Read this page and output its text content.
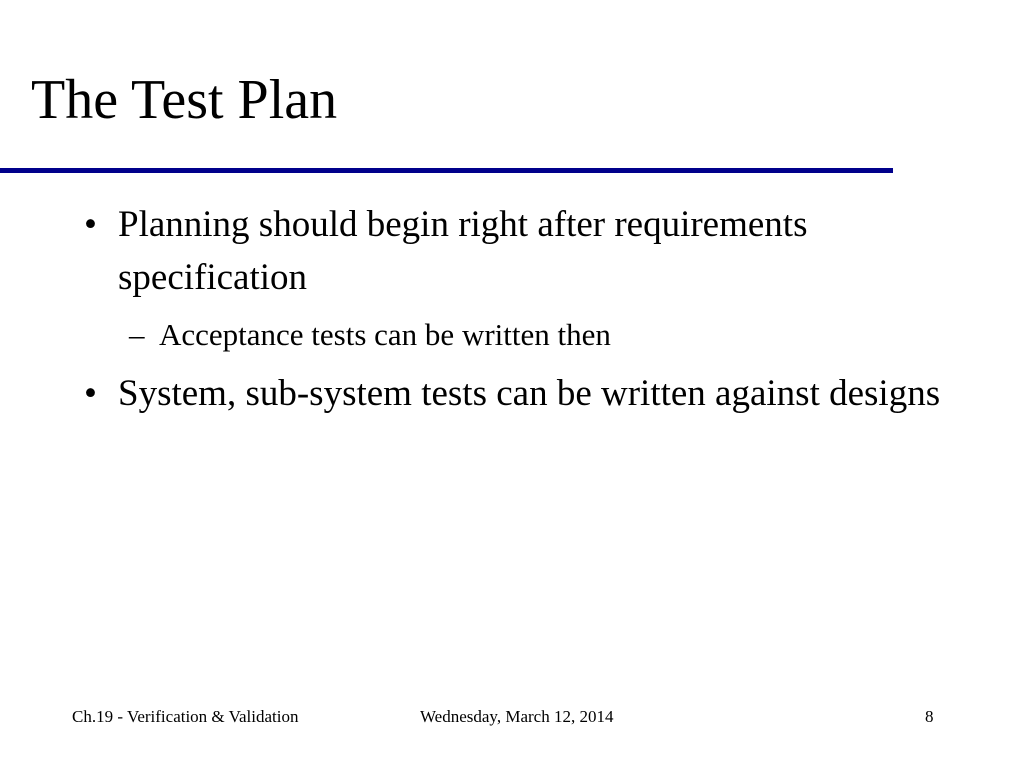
The Test Plan
• Planning should begin right after requirements specification
– Acceptance tests can be written then
• System, sub-system tests can be written against designs
Ch.19 - Verification & Validation	Wednesday, March 12, 2014	8
